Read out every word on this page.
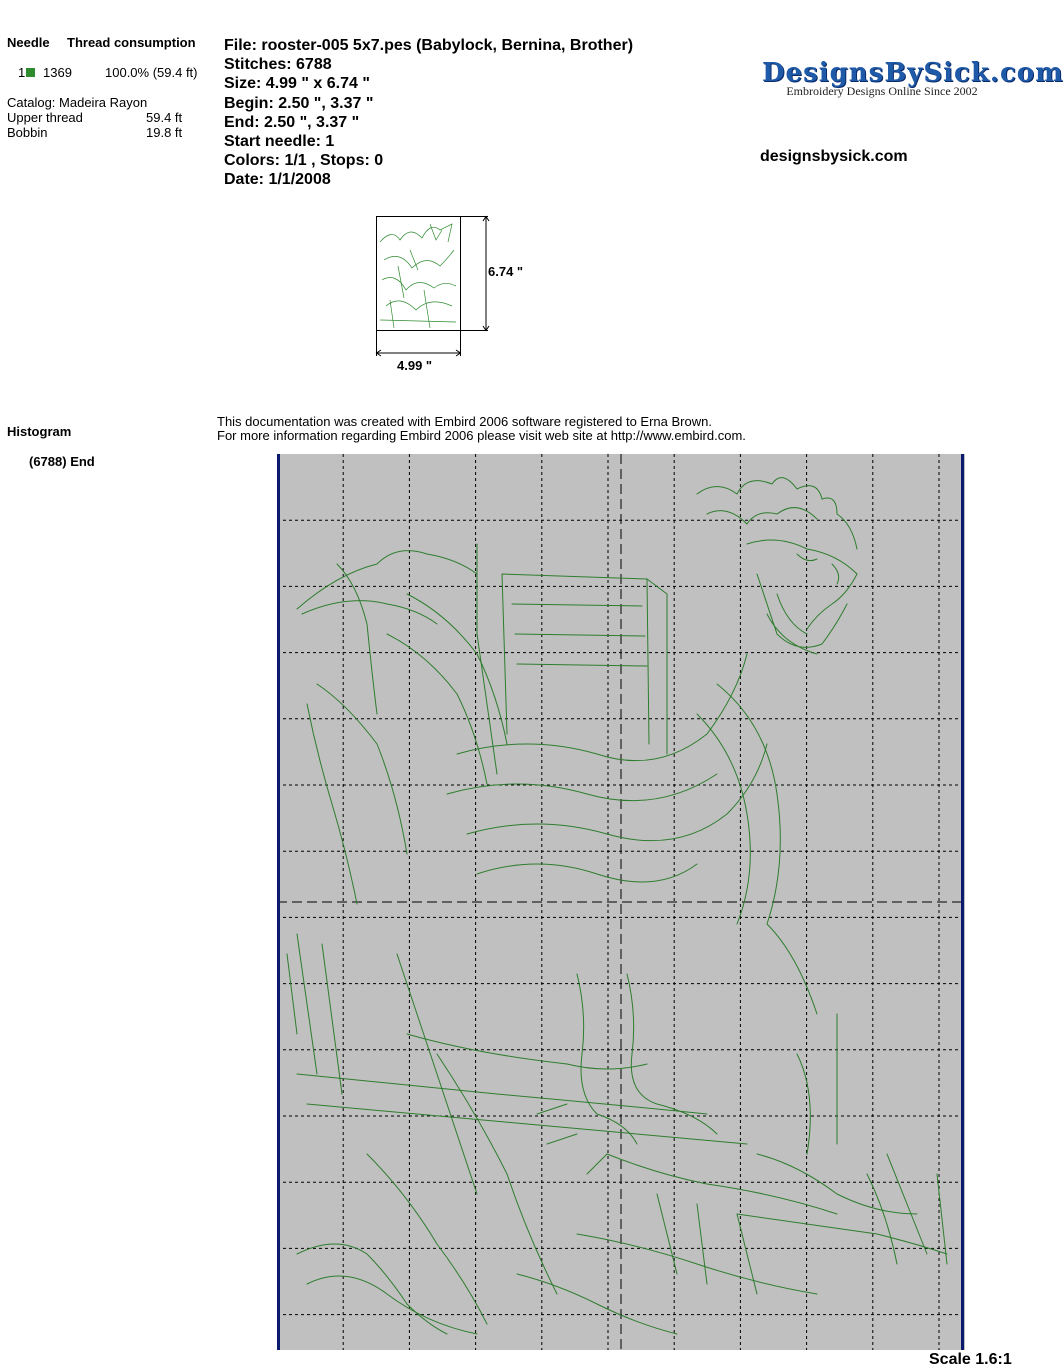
Needle Thread consumption
1	1369	100.0% (59.4 ft)
Catalog: Madeira Rayon
Upper thread	59.4 ft
Bobbin	19.8 ft
File: rooster-005 5x7.pes (Babylock, Bernina, Brother)
Stitches: 6788
Size: 4.99 " x 6.74 "
Begin: 2.50 ", 3.37 "
End: 2.50 ", 3.37 "
Start needle: 1
Colors: 1/1 , Stops: 0
Date: 1/1/2008
DesignsBySick.com
Embroidery Designs Online Since 2002
designsbysick.com
6.74 "
4.99 "
Histogram
(6788) End
This documentation was created with Embird 2006 software registered to Erna Brown.
For more information regarding Embird 2006 please visit web site at http://www.embird.com.
Scale 1.6:1
